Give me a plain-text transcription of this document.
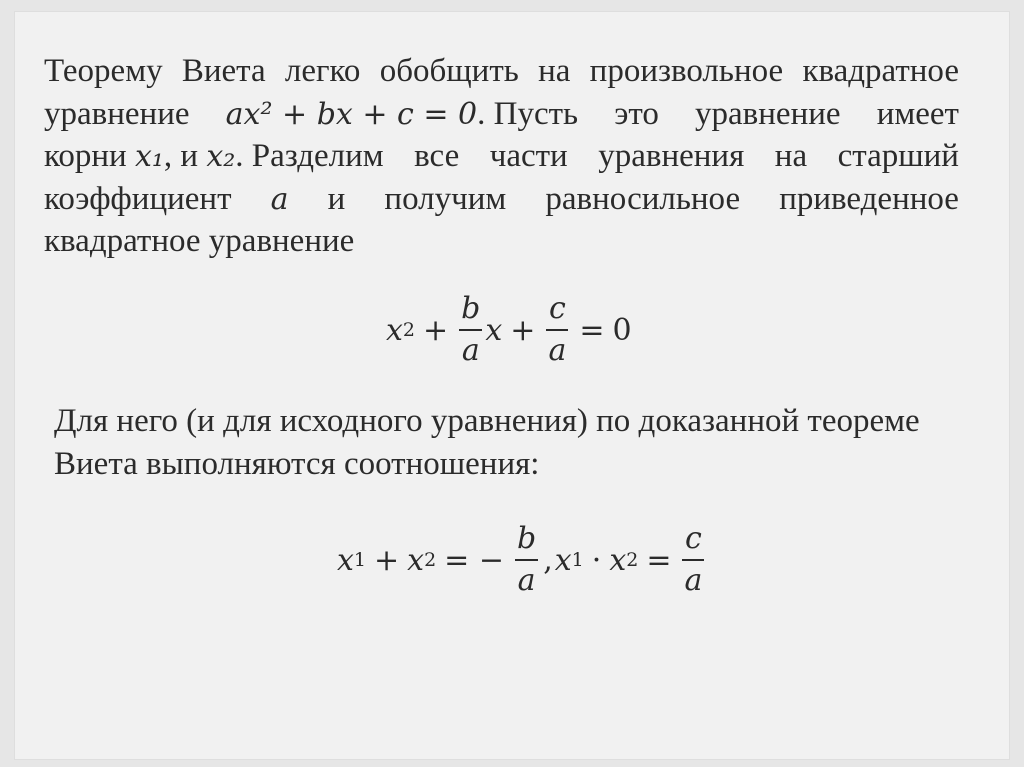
Теорему Виета легко обобщить на произвольное квадратное
уравнение ax² + bx + c = 0. Пусть это уравнение имеет
корни x₁, и x₂. Разделим все части уравнения на старший
коэффициент a и получим равносильное приведенное
квадратное уравнение
x $2 + \frac{b}{a}$ $x + \frac{c}{a} = 0$
Для него (и для исходного уравнения) по доказанной теореме
Виета выполняются соотношения:
x 1 + x 2 = − $\frac{b}{a}$ , x 1 · x $2 = \frac{c}{a}$
